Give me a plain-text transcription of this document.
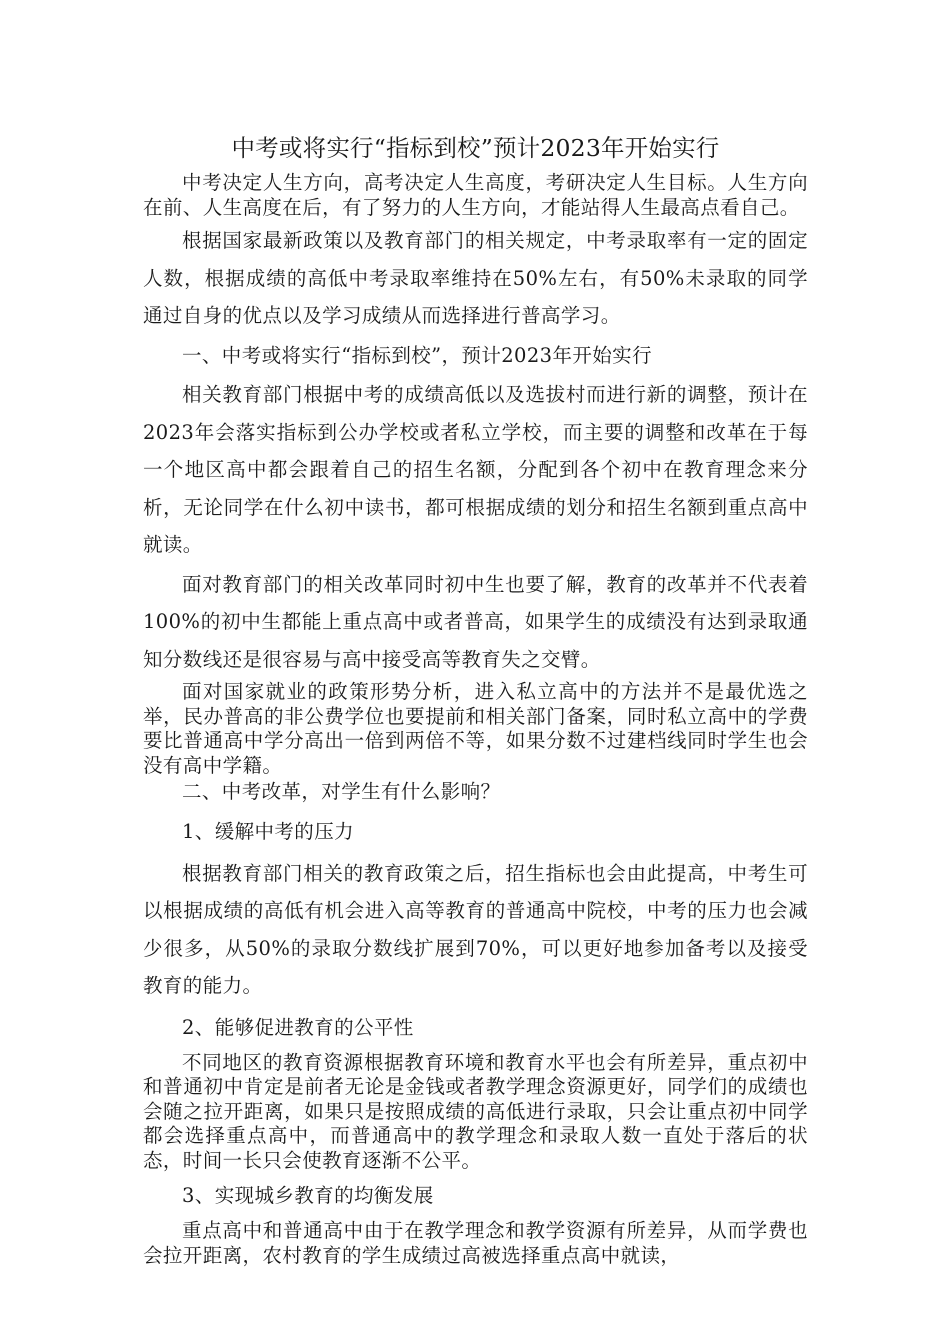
中考或将实行“指标到校”预计2023年开始实行

中考决定人生方向，高考决定人生高度，考研决定人生目标。人生方向在前、人生高度在后，有了努力的人生方向，才能站得人生最高点看自己。

根据国家最新政策以及教育部门的相关规定，中考录取率有一定的固定人数，根据成绩的高低中考录取率维持在50%左右，有50%未录取的同学通过自身的优点以及学习成绩从而选择进行普高学习。

一、中考或将实行“指标到校”，预计2023年开始实行

相关教育部门根据中考的成绩高低以及选拔村而进行新的调整，预计在2023年会落实指标到公办学校或者私立学校，而主要的调整和改革在于每一个地区高中都会跟着自己的招生名额，分配到各个初中在教育理念来分析，无论同学在什么初中读书，都可根据成绩的划分和招生名额到重点高中就读。

面对教育部门的相关改革同时初中生也要了解，教育的改革并不代表着100%的初中生都能上重点高中或者普高，如果学生的成绩没有达到录取通知分数线还是很容易与高中接受高等教育失之交臂。

面对国家就业的政策形势分析，进入私立高中的方法并不是最优选之举，民办普高的非公费学位也要提前和相关部门备案，同时私立高中的学费要比普通高中学分高出一倍到两倍不等，如果分数不过建档线同时学生也会没有高中学籍。

二、中考改革，对学生有什么影响？

1、缓解中考的压力

根据教育部门相关的教育政策之后，招生指标也会由此提高，中考生可以根据成绩的高低有机会进入高等教育的普通高中院校，中考的压力也会减少很多，从50%的录取分数线扩展到70%，可以更好地参加备考以及接受教育的能力。

2、能够促进教育的公平性

不同地区的教育资源根据教育环境和教育水平也会有所差异，重点初中和普通初中肯定是前者无论是金钱或者教学理念资源更好，同学们的成绩也会随之拉开距离，如果只是按照成绩的高低进行录取，只会让重点初中同学都会选择重点高中，而普通高中的教学理念和录取人数一直处于落后的状态，时间一长只会使教育逐渐不公平。

3、实现城乡教育的均衡发展

重点高中和普通高中由于在教学理念和教学资源有所差异，从而学费也会拉开距离，农村教育的学生成绩过高被选择重点高中就读，
